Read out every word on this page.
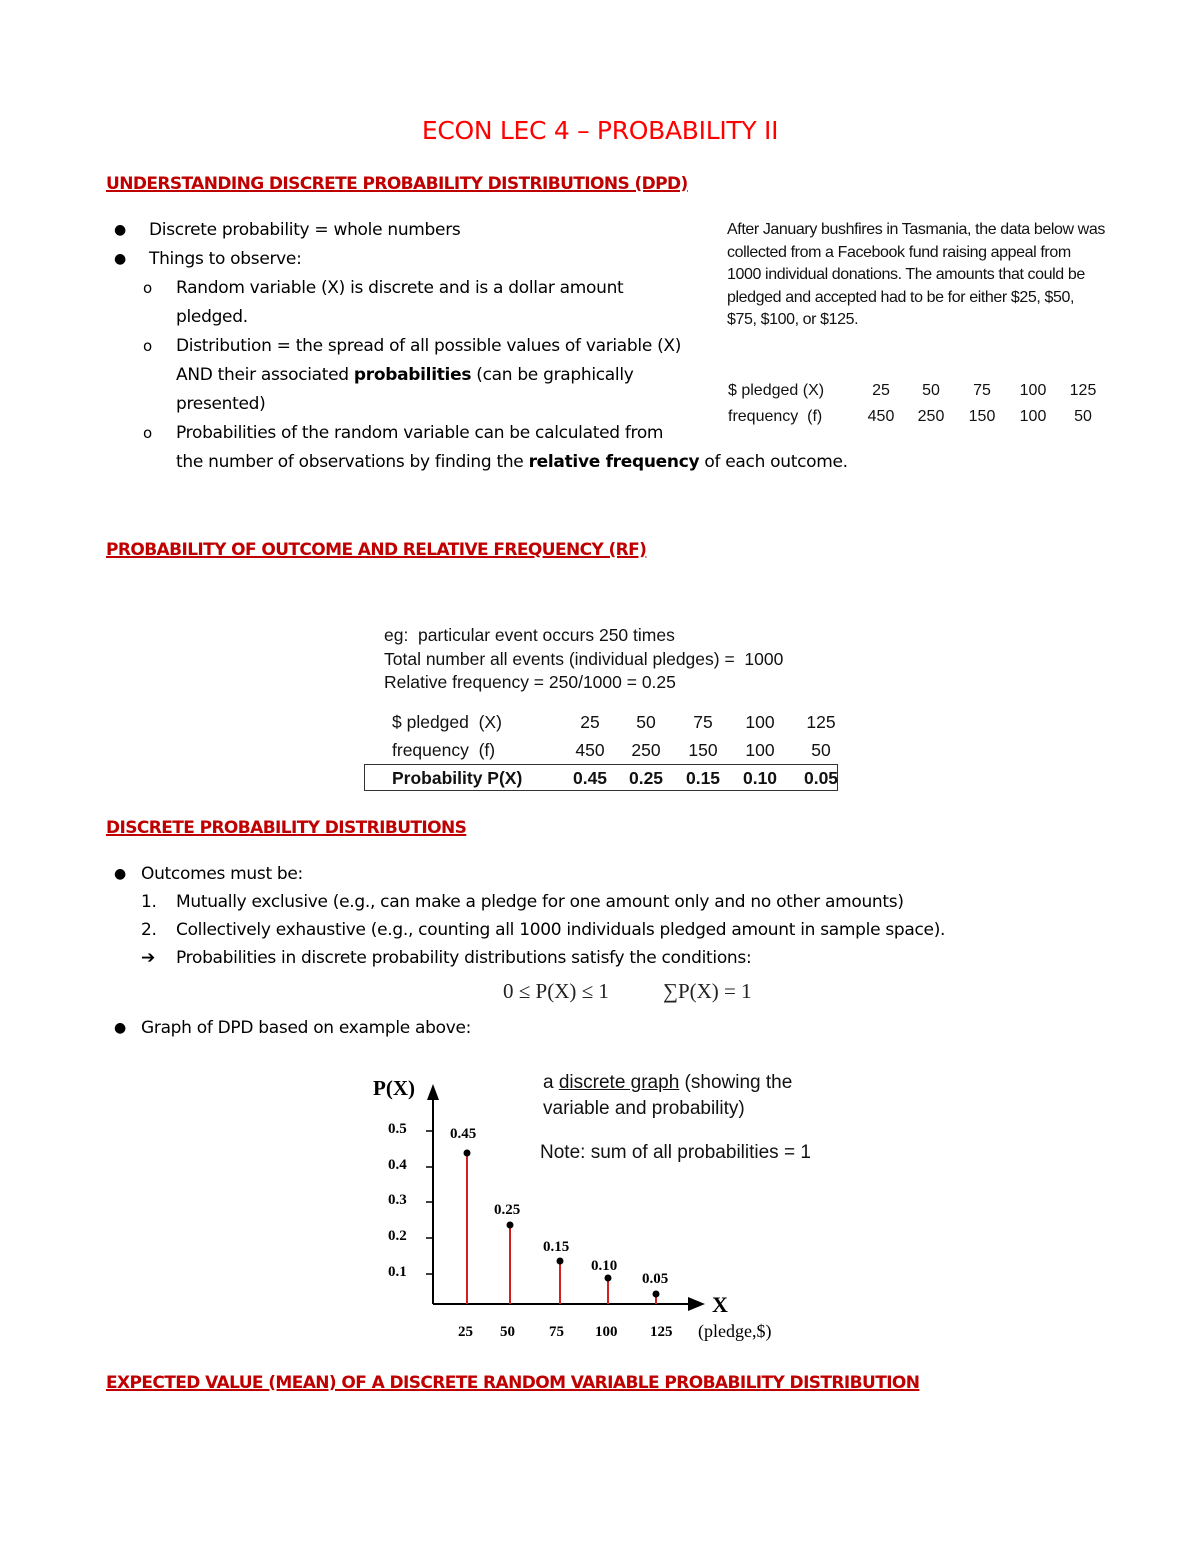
ECON LEC 4 – PROBABILITY II
UNDERSTANDING DISCRETE PROBABILITY DISTRIBUTIONS (DPD)
● Discrete probability = whole numbers
● Things to observe:
o Random variable (X) is discrete and is a dollar amount
pledged.
o Distribution = the spread of all possible values of variable (X)
AND their associated probabilities (can be graphically
presented)
o Probabilities of the random variable can be calculated from
the number of observations by finding the relative frequency of each outcome.
After January bushfires in Tasmania, the data below was collected from a Facebook fund raising appeal from 1000 individual donations. The amounts that could be pledged and accepted had to be for either $25, $50, $75, $100, or $125.
$ pledged (X)	25	50	75	100	125
frequency  (f)	450	250	150	100	50
PROBABILITY OF OUTCOME AND RELATIVE FREQUENCY (RF)
eg:  particular event occurs 250 times
Total number all events (individual pledges) =  1000
Relative frequency = 250/1000 = 0.25
$ pledged  (X)	25	50	75	100	125
frequency  (f)	450	250	150	100	50
Probability P(X)	0.45	0.25	0.15	0.10	0.05
DISCRETE PROBABILITY DISTRIBUTIONS
● Outcomes must be:
1. Mutually exclusive (e.g., can make a pledge for one amount only and no other amounts)
2. Collectively exhaustive (e.g., counting all 1000 individuals pledged amount in sample space).
➔ Probabilities in discrete probability distributions satisfy the conditions:
0 ≤ P(X) ≤ 1	∑P(X) = 1
● Graph of DPD based on example above:
P(X)
0.5
0.4
0.3
0.2
0.1
0.45
0.25
0.15
0.10
0.05
X
25 50 75 100 125 (pledge,$)
a discrete graph (showing the
variable and probability)
Note: sum of all probabilities = 1
EXPECTED VALUE (MEAN) OF A DISCRETE RANDOM VARIABLE PROBABILITY DISTRIBUTION
